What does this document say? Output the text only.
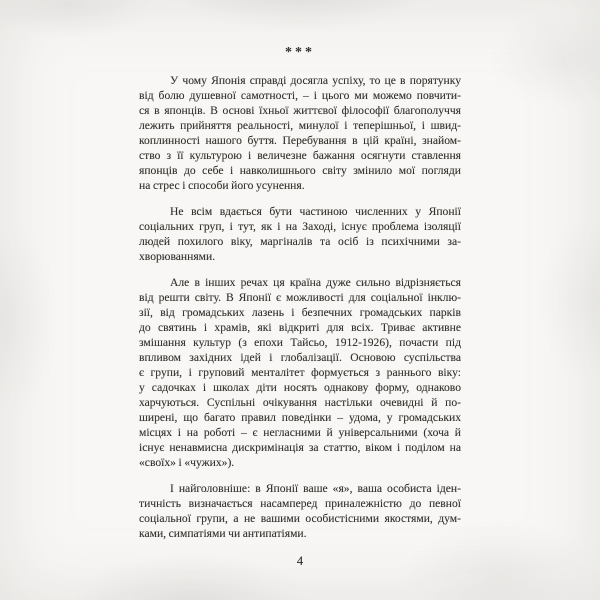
***
У чому Японія справді досягла успіху, то це в порятунку
від болю душевної самотності, – і цього ми можемо повчити-
ся в японців. В основі їхньої життєвої філософії благополуччя
лежить прийняття реальності, минулої і теперішньої, і швид-
коплинності нашого буття. Перебування в цій країні, знайом-
ство з її культурою і величезне бажання осягнути ставлення
японців до себе і навколишнього світу змінило мої погляди
на стрес і способи його усунення.
Не всім вдається бути частиною численних у Японії
соціальних груп, і тут, як і на Заході, існує проблема ізоляції
людей похилого віку, маргіналів та осіб із психічними за-
хворюваннями.
Але в інших речах ця країна дуже сильно відрізняється
від решти світу. В Японії є можливості для соціальної інклю-
зії, від громадських лазень і безпечних громадських парків
до святинь і храмів, які відкриті для всіх. Триває активне
змішання культур (з епохи Тайсьо, 1912-1926), почасти під
впливом західних ідей і глобалізації. Основою суспільства
є групи, і груповий менталітет формується з раннього віку:
у садочках і школах діти носять однакову форму, однаково
харчуються. Суспільні очікування настільки очевидні й по-
ширені, що багато правил поведінки – удома, у громадських
місцях і на роботі – є негласними й універсальними (хоча й
існує ненавмисна дискримінація за статтю, віком і поділом на
«своїх» і «чужих»).
І найголовніше: в Японії ваше «я», ваша особиста іден-
тичність визначається насамперед приналежністю до певної
соціальної групи, а не вашими особистісними якостями, дум-
ками, симпатіями чи антипатіями.
4
